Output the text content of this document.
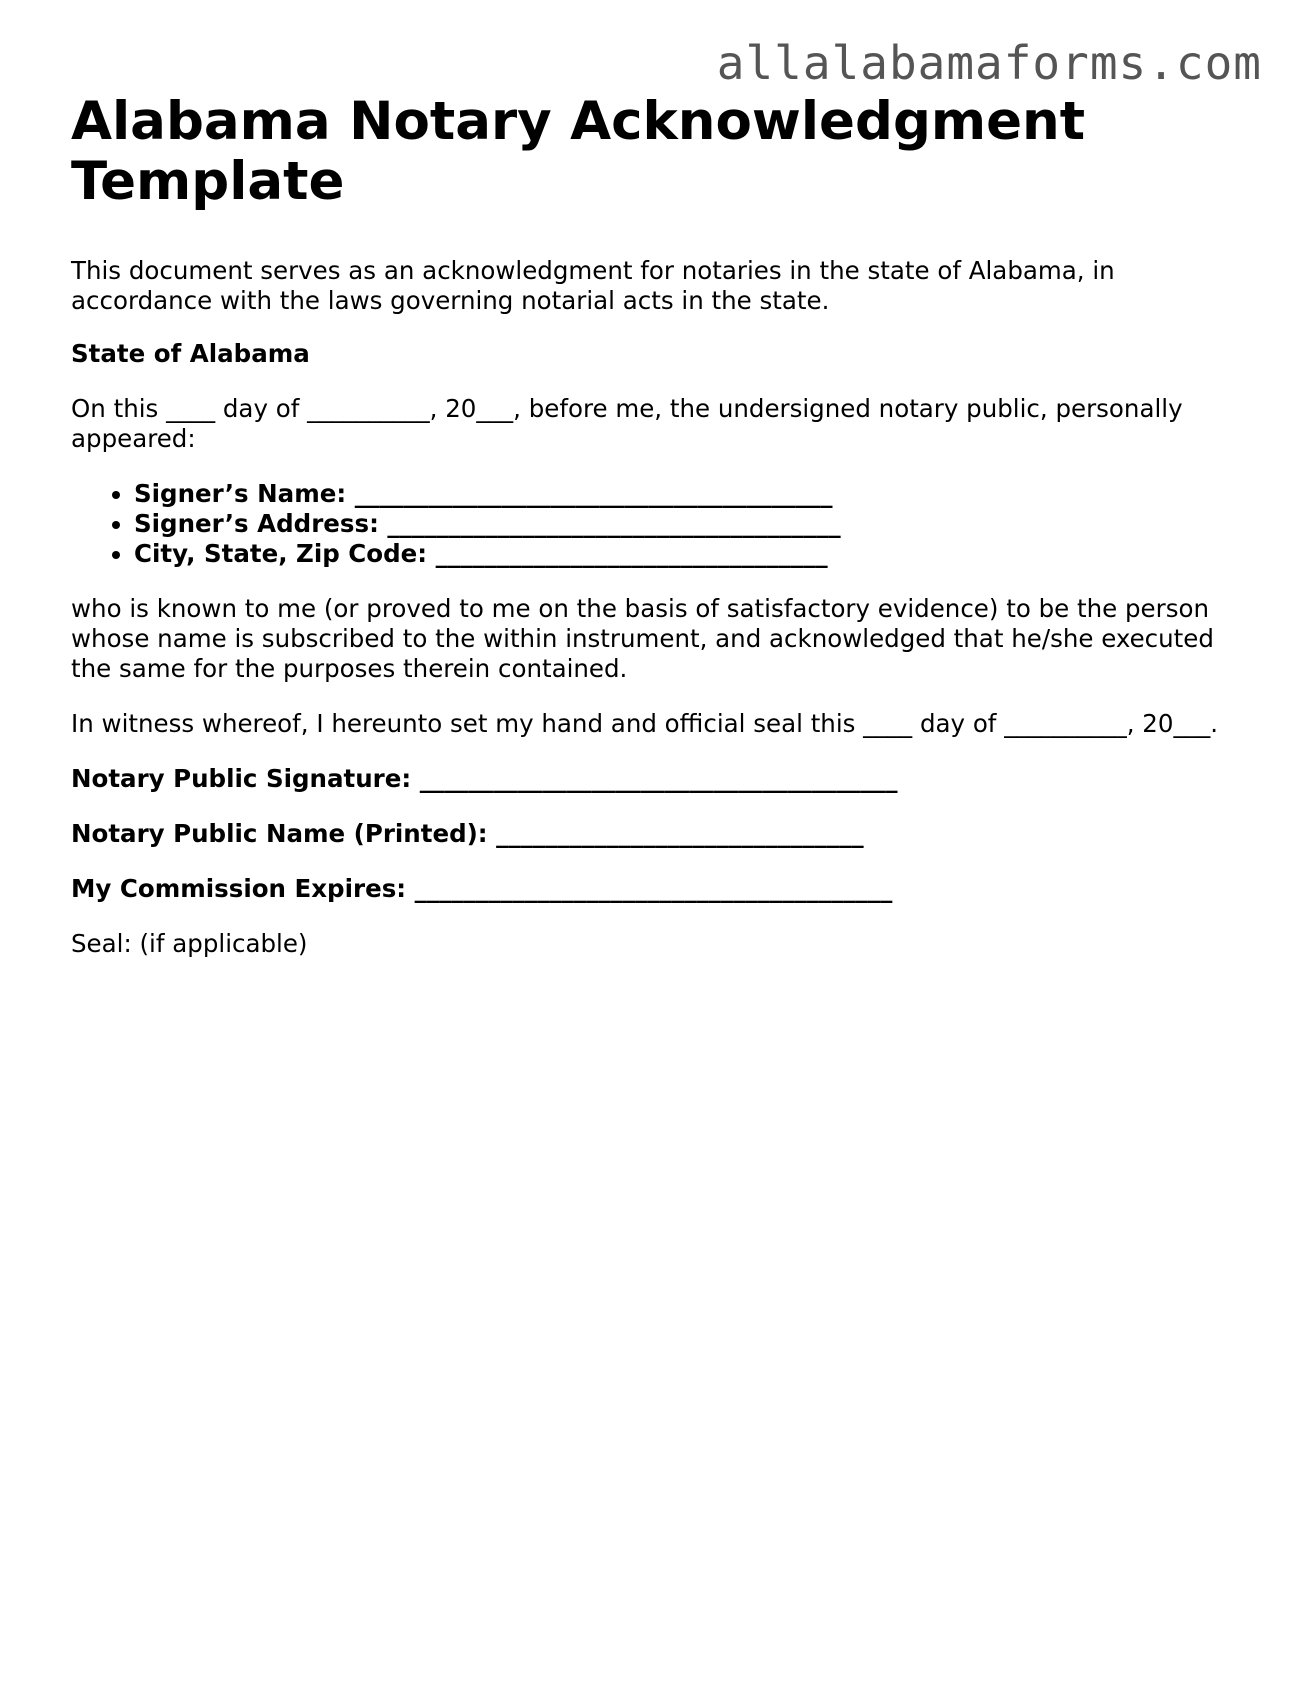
allalabamaforms.com
Alabama Notary Acknowledgment Template

This document serves as an acknowledgment for notaries in the state of Alabama, in accordance with the laws governing notarial acts in the state.

State of Alabama

On this ____ day of __________, 20___, before me, the undersigned notary public, personally appeared:

• Signer’s Name: _______________________________________
• Signer’s Address: _____________________________________
• City, State, Zip Code: ________________________________

who is known to me (or proved to me on the basis of satisfactory evidence) to be the person whose name is subscribed to the within instrument, and acknowledged that he/she executed the same for the purposes therein contained.

In witness whereof, I hereunto set my hand and official seal this ____ day of __________, 20___.

Notary Public Signature: _______________________________________

Notary Public Name (Printed): ______________________________

My Commission Expires: _______________________________________

Seal: (if applicable)
